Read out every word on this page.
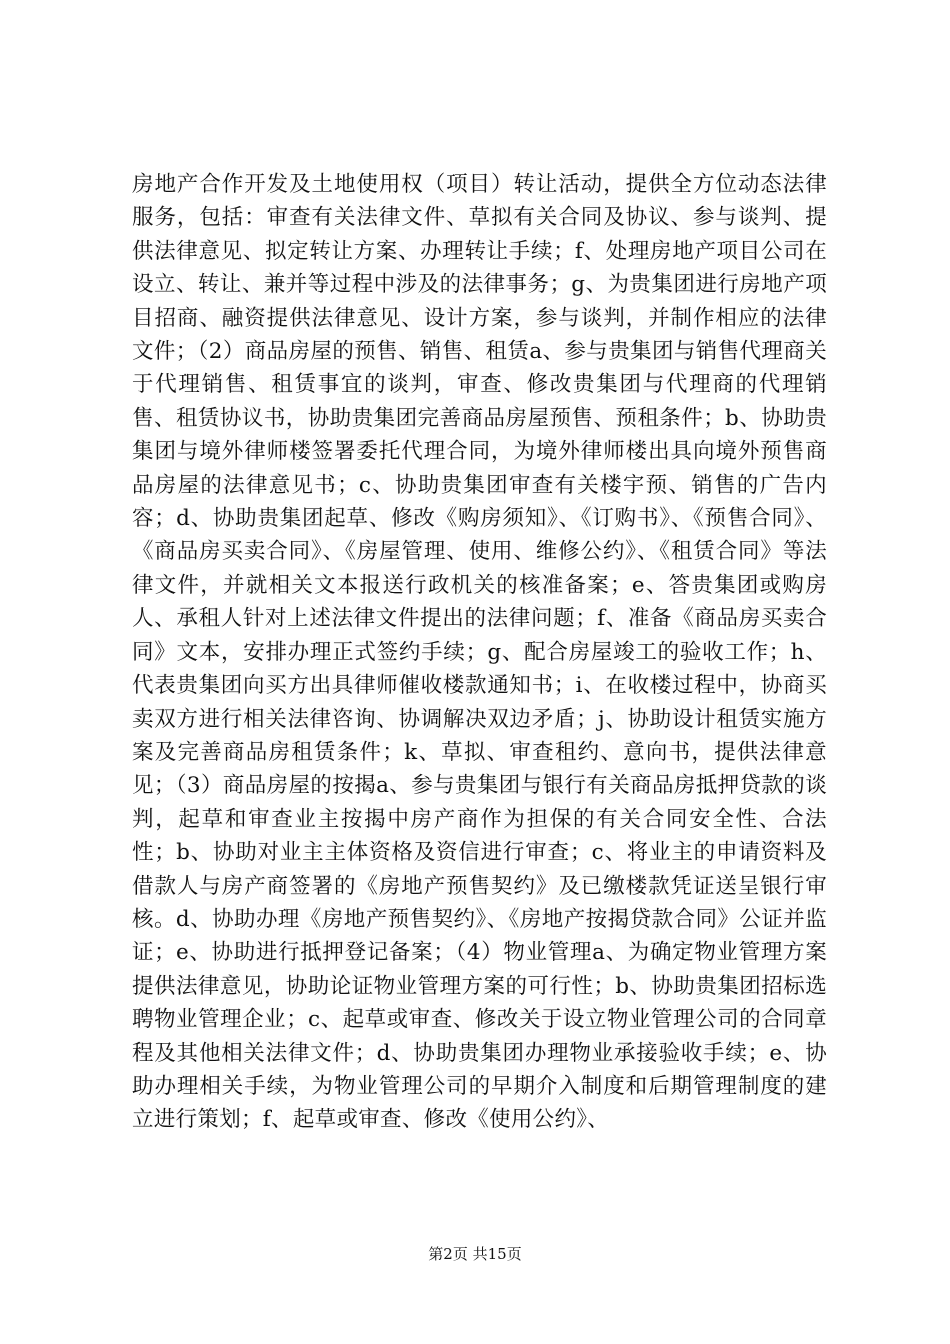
房地产合作开发及土地使用权（项目）转让活动，提供全方位动态法律服务，包括：审查有关法律文件、草拟有关合同及协议、参与谈判、提供法律意见、拟定转让方案、办理转让手续；f、处理房地产项目公司在设立、转让、兼并等过程中涉及的法律事务；g、为贵集团进行房地产项目招商、融资提供法律意见、设计方案，参与谈判，并制作相应的法律文件；（2）商品房屋的预售、销售、租赁a、参与贵集团与销售代理商关于代理销售、租赁事宜的谈判，审查、修改贵集团与代理商的代理销售、租赁协议书，协助贵集团完善商品房屋预售、预租条件；b、协助贵集团与境外律师楼签署委托代理合同，为境外律师楼出具向境外预售商品房屋的法律意见书；c、协助贵集团审查有关楼宇预、销售的广告内容；d、协助贵集团起草、修改《购房须知》、《订购书》、《预售合同》、《商品房买卖合同》、《房屋管理、使用、维修公约》、《租赁合同》等法律文件，并就相关文本报送行政机关的核准备案；e、答贵集团或购房人、承租人针对上述法律文件提出的法律问题；f、准备《商品房买卖合同》文本，安排办理正式签约手续；g、配合房屋竣工的验收工作；h、代表贵集团向买方出具律师催收楼款通知书；i、在收楼过程中，协商买卖双方进行相关法律咨询、协调解决双边矛盾；j、协助设计租赁实施方案及完善商品房租赁条件；k、草拟、审查租约、意向书，提供法律意见；（3）商品房屋的按揭a、参与贵集团与银行有关商品房抵押贷款的谈判，起草和审查业主按揭中房产商作为担保的有关合同安全性、合法性；b、协助对业主主体资格及资信进行审查；c、将业主的申请资料及借款人与房产商签署的《房地产预售契约》及已缴楼款凭证送呈银行审核。d、协助办理《房地产预售契约》、《房地产按揭贷款合同》公证并监证；e、协助进行抵押登记备案；（4）物业管理a、为确定物业管理方案提供法律意见，协助论证物业管理方案的可行性；b、协助贵集团招标选聘物业管理企业；c、起草或审查、修改关于设立物业管理公司的合同章程及其他相关法律文件；d、协助贵集团办理物业承接验收手续；e、协助办理相关手续，为物业管理公司的早期介入制度和后期管理制度的建立进行策划；f、起草或审查、修改《使用公约》、

第2页 共15页
